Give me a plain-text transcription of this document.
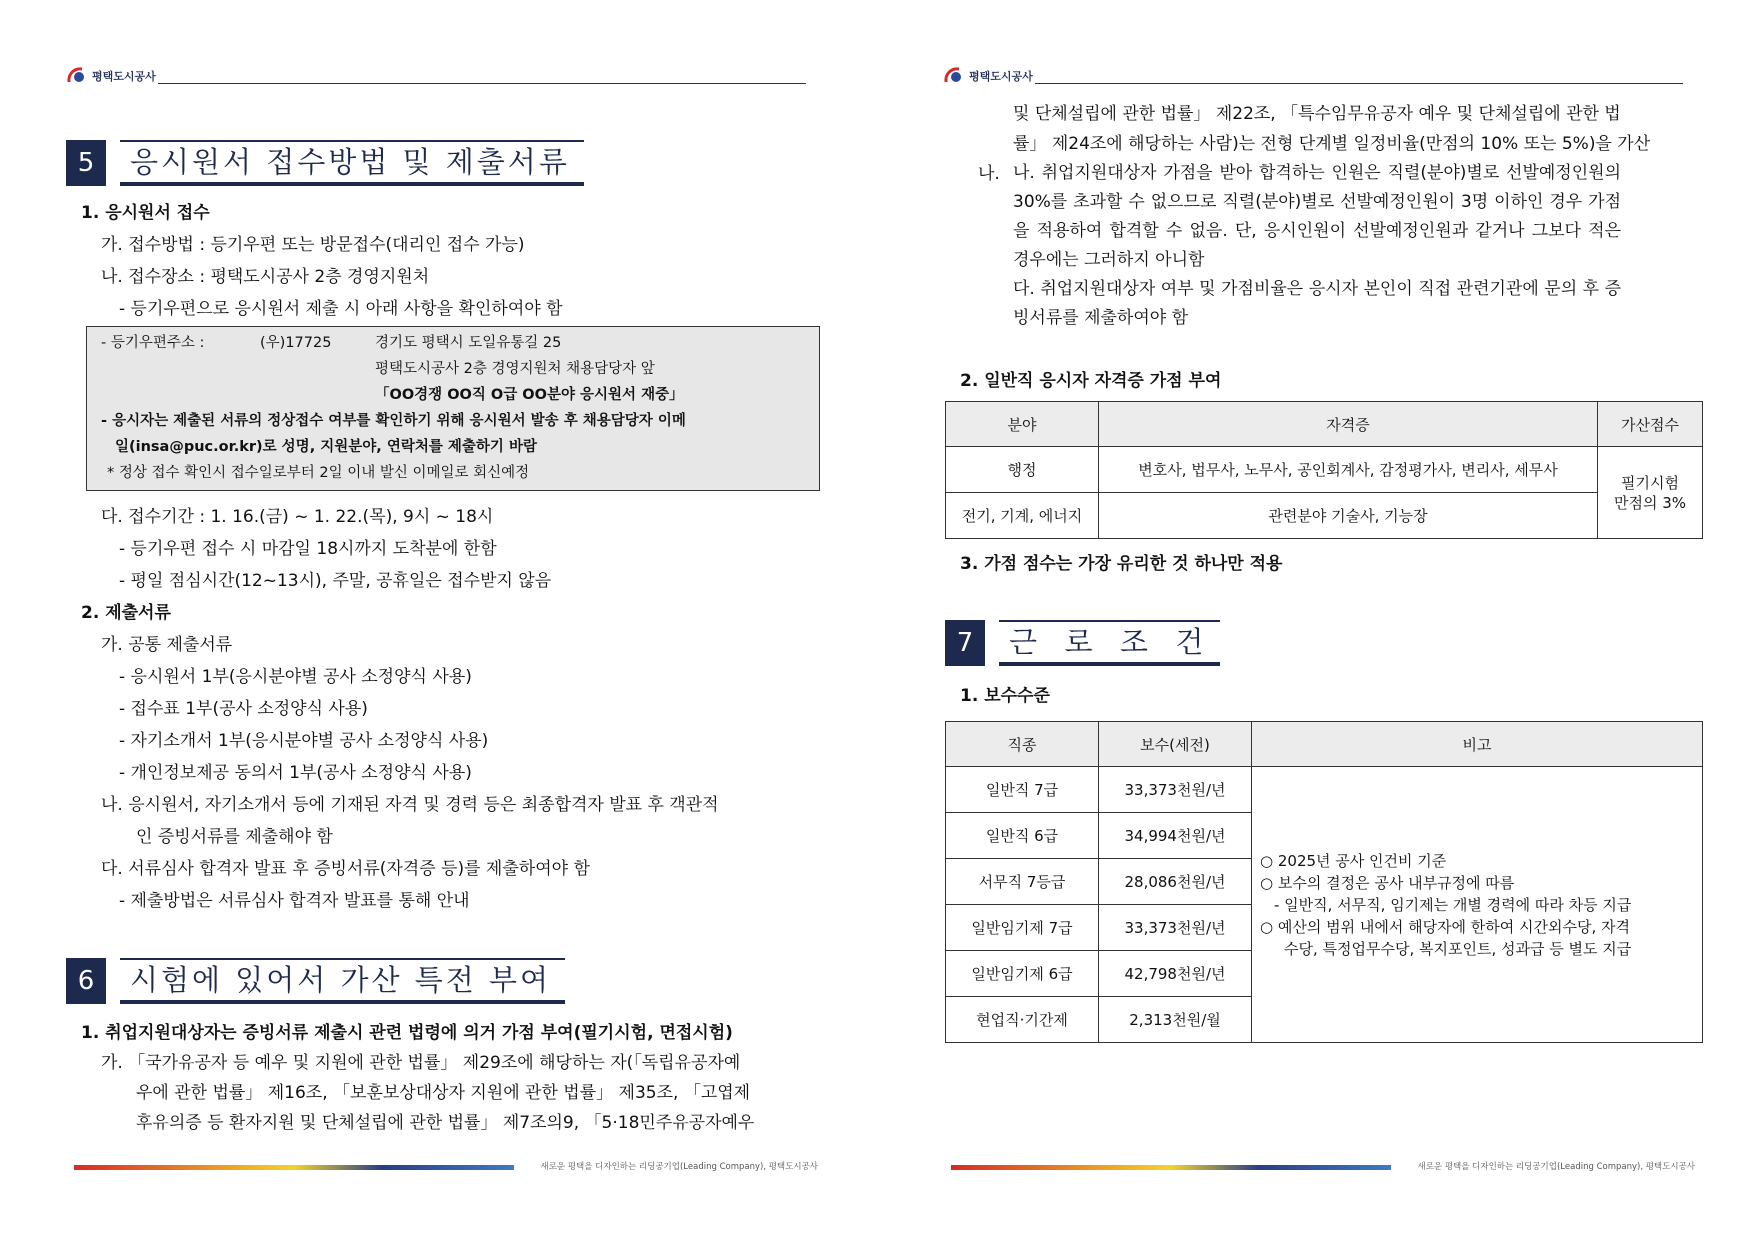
평택도시공사
5	응시원서 접수방법 및 제출서류
1. 응시원서 접수
가. 접수방법 : 등기우편 또는 방문접수(대리인 접수 가능)
나. 접수장소 : 평택도시공사 2층 경영지원처
- 등기우편으로 응시원서 제출 시 아래 사항을 확인하여야 함
- 등기우편주소 :	(우)17725	경기도 평택시 도일유통길 25
평택도시공사 2층 경영지원처 채용담당자 앞
「OO경쟁 OO직 O급 OO분야 응시원서 재중」
- 응시자는 제출된 서류의 정상접수 여부를 확인하기 위해 응시원서 발송 후 채용담당자 이메
일(insa@puc.or.kr)로 성명, 지원분야, 연락처를 제출하기 바람
* 정상 접수 확인시 접수일로부터 2일 이내 발신 이메일로 회신예정
다. 접수기간 : 1. 16.(금) ~ 1. 22.(목), 9시 ~ 18시
- 등기우편 접수 시 마감일 18시까지 도착분에 한함
- 평일 점심시간(12~13시), 주말, 공휴일은 접수받지 않음
2. 제출서류
가. 공통 제출서류
- 응시원서 1부(응시분야별 공사 소정양식 사용)
- 접수표 1부(공사 소정양식 사용)
- 자기소개서 1부(응시분야별 공사 소정양식 사용)
- 개인정보제공 동의서 1부(공사 소정양식 사용)
나. 응시원서, 자기소개서 등에 기재된 자격 및 경력 등은 최종합격자 발표 후 객관적
인 증빙서류를 제출해야 함
다. 서류심사 합격자 발표 후 증빙서류(자격증 등)를 제출하여야 함
- 제출방법은 서류심사 합격자 발표를 통해 안내
6	시험에 있어서 가산 특전 부여
1. 취업지원대상자는 증빙서류 제출시 관련 법령에 의거 가점 부여(필기시험, 면접시험)
가. 「국가유공자 등 예우 및 지원에 관한 법률」 제29조에 해당하는 자(「독립유공자예
우에 관한 법률」 제16조, 「보훈보상대상자 지원에 관한 법률」 제35조, 「고엽제
후유의증 등 환자지원 및 단체설립에 관한 법률」 제7조의9, 「5·18민주유공자예우
새로운 평택을 디자인하는 리딩공기업(Leading Company), 평택도시공사
평택도시공사
및 단체설립에 관한 법률」 제22조, 「특수임무유공자 예우 및 단체설립에 관한 법
률」 제24조에 해당하는 사람)는 전형 단계별 일정비율(만점의 10% 또는 5%)을 가산
나. 나. 취업지원대상자 가점을 받아 합격하는 인원은 직렬(분야)별로 선발예정인원의 30%를 초과할 수 없으므로 직렬(분야)별로 선발예정인원이 3명 이하인 경우 가점을 적용하여 합격할 수 없음. 단, 응시인원이 선발예정인원과 같거나 그보다 적은 경우에는 그러하지 아니함
다. 취업지원대상자 여부 및 가점비율은 응시자 본인이 직접 관련기관에 문의 후 증빙서류를 제출하여야 함
2. 일반직 응시자 자격증 가점 부여
분야	자격증	가산점수
행정	변호사, 법무사, 노무사, 공인회계사, 감정평가사, 변리사, 세무사	필기시험
만점의 3%
전기, 기계, 에너지	관련분야 기술사, 기능장	
3. 가점 점수는 가장 유리한 것 하나만 적용
7	근  로  조  건
1. 보수수준
직종	보수(세전)	비고
일반직 7급	33,373천원/년	○ 2025년 공사 인건비 기준
○ 보수의 결정은 공사 내부규정에 따름
- 일반직, 서무직, 임기제는 개별 경력에 따라 차등 지급
○ 예산의 범위 내에서 해당자에 한하여 시간외수당, 자격
수당, 특정업무수당, 복지포인트, 성과급 등 별도 지급

일반직 6급	34,994천원/년	
서무직 7등급	28,086천원/년	
일반임기제 7급	33,373천원/년	
일반임기제 6급	42,798천원/년	
현업직·기간제	2,313천원/월	
새로운 평택을 디자인하는 리딩공기업(Leading Company), 평택도시공사
